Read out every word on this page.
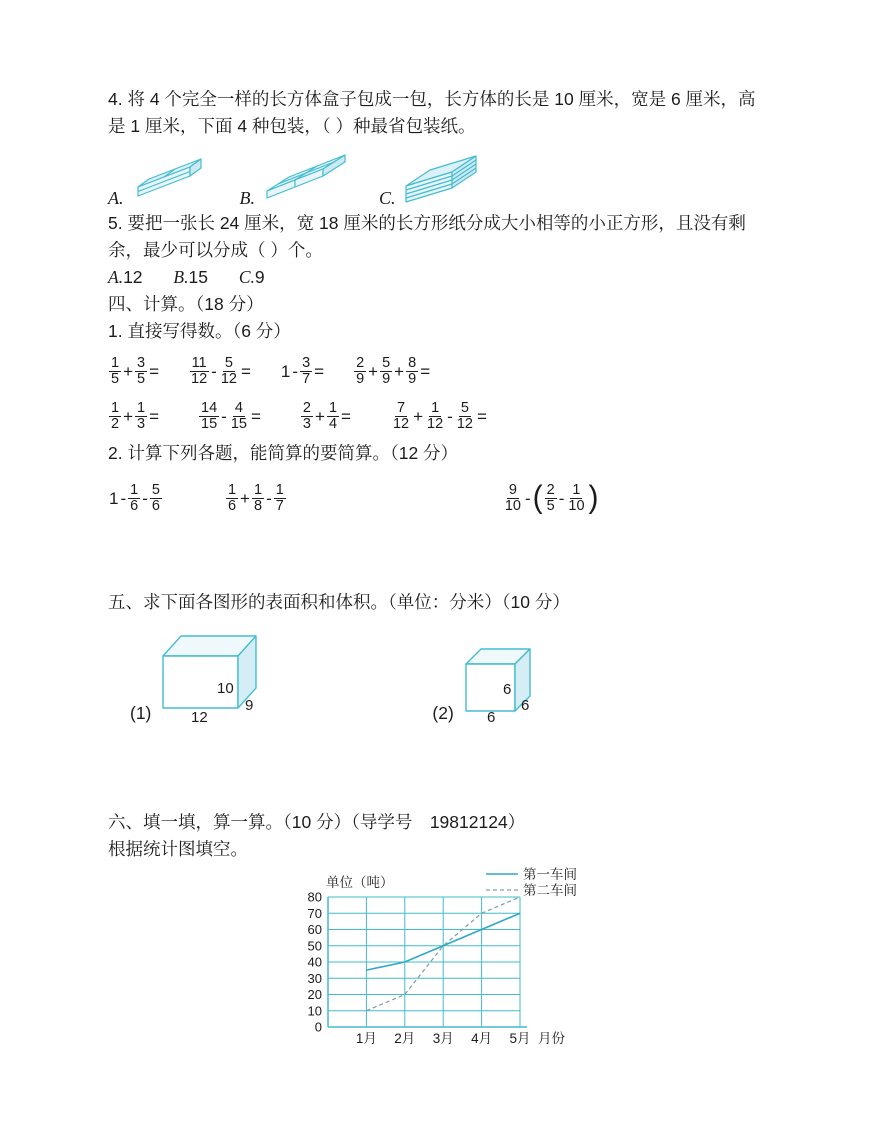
4. 将 4 个完全一样的长方体盒子包成一包，长方体的长是 10 厘米，宽是 6 厘米，高
是 1 厘米，下面 4 种包装，（ ）种最省包装纸。
A.	B.	C.
5. 要把一张长 24 厘米，宽 18 厘米的长方形纸分成大小相等的小正方形，且没有剩
余，最少可以分成（ ）个。
A.12 B.15 C.9
四、计算。（18 分）
1. 直接写得数。（6 分）
$\frac{1}{5} + \frac{3}{5} = \frac{11}{12} - \frac{5}{12} = 1 - \frac{3}{7} = \frac{2}{9} + \frac{5}{9} + \frac{8}{9}$ =
$\frac{1}{2} + \frac{1}{3}$ =	$\frac{14}{15} - \frac{4}{15}$ =	$\frac{2}{3} + \frac{1}{4}$ =	$\frac{7}{12} + \frac{1}{12} - \frac{5}{12}$ =
2. 计算下列各题，能简算的要简算。（12 分）
$1 - \frac{1}{6} - \frac{5}{6}$	$\frac{1}{6} + \frac{1}{8} - \frac{1}{7}$	$\frac{9}{10}$ - ( $\frac{2}{5} - \frac{1}{10}$ )
五、求下面各图形的表面积和体积。（单位：分米）（10 分）
(1)
10
9
12	(2)
6
6
6
六、填一填，算一算。（10 分）（导学号　19812124）
根据统计图填空。
0
10
20
30
40
50
60
70
80
1月 2月 3月 4月 5月 月份
单位（吨）
第一车间
第二车间
